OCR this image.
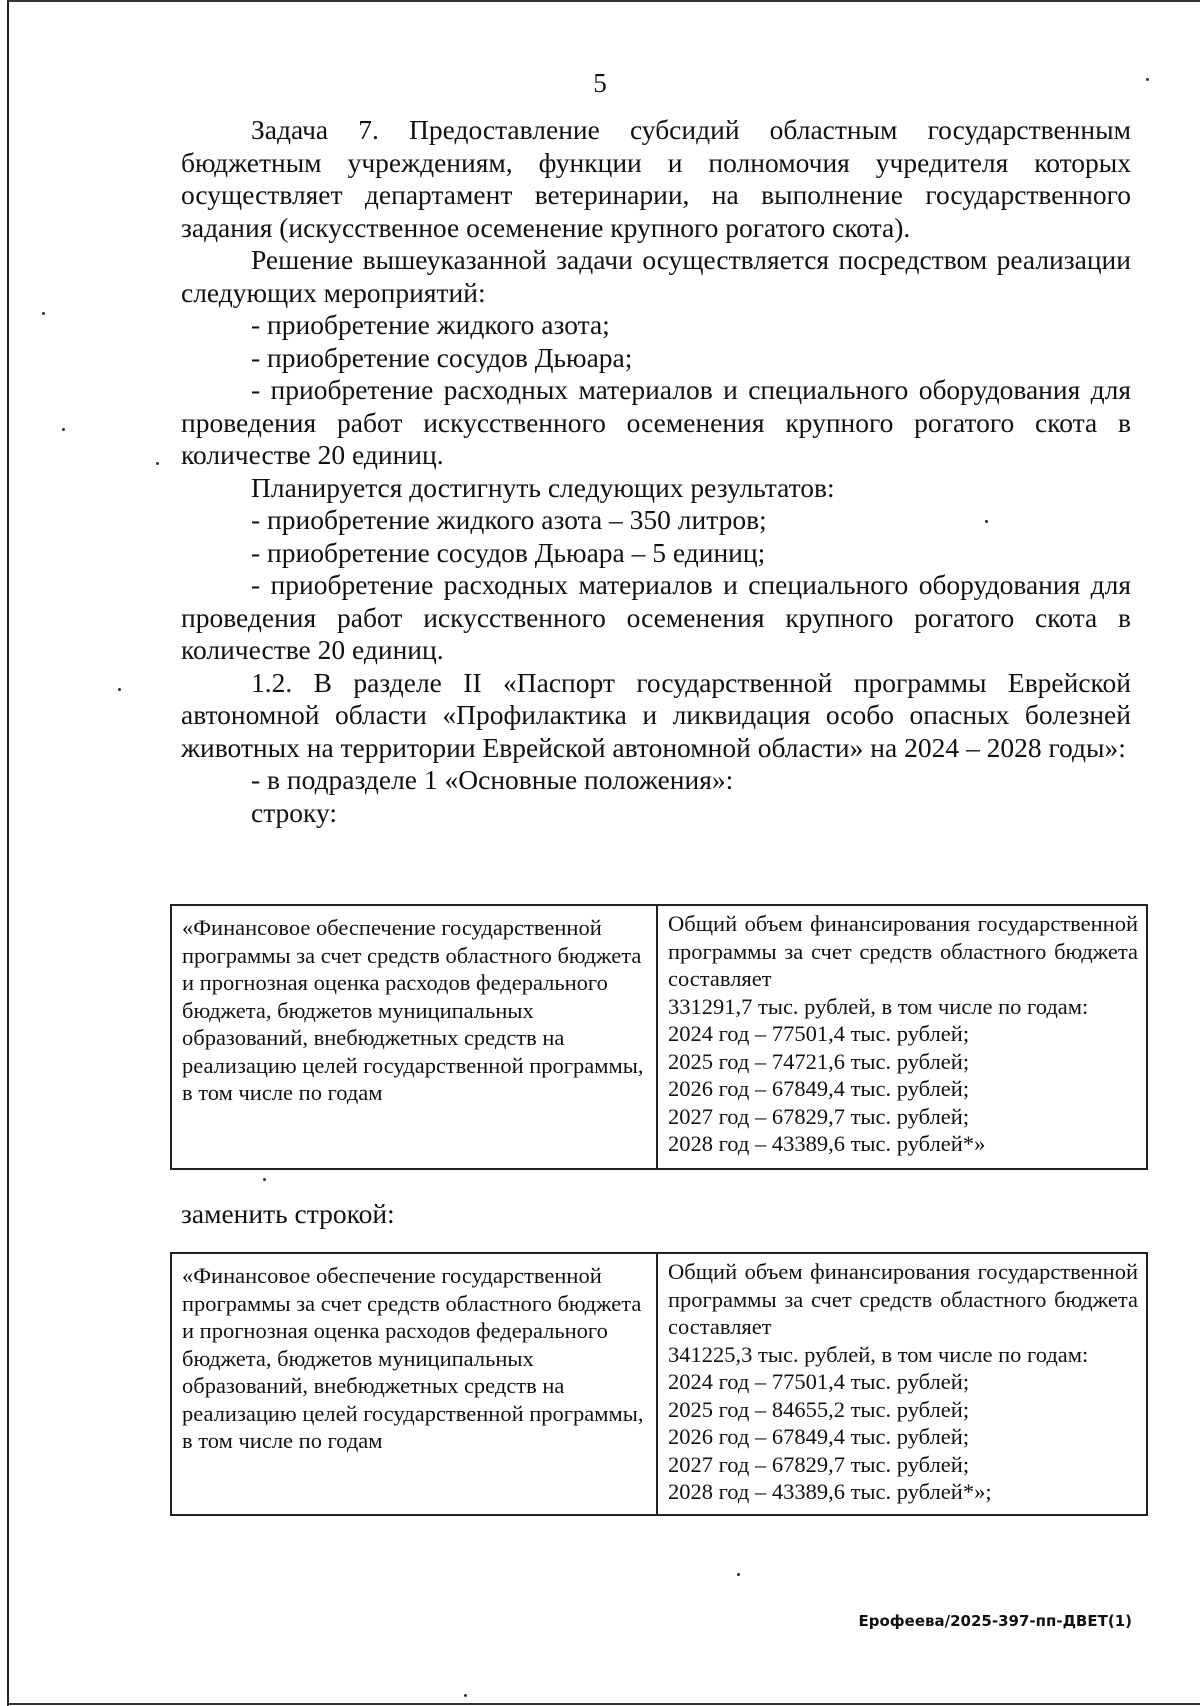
5

Задача 7. Предоставление субсидий областным государственным бюджетным учреждениям, функции и полномочия учредителя которых осуществляет департамент ветеринарии, на выполнение государственного задания (искусственное осеменение крупного рогатого скота).

Решение вышеуказанной задачи осуществляется посредством реализации следующих мероприятий:

- приобретение жидкого азота;

- приобретение сосудов Дьюара;

- приобретение расходных материалов и специального оборудования для проведения работ искусственного осеменения крупного рогатого скота в количестве 20 единиц.

Планируется достигнуть следующих результатов:

- приобретение жидкого азота – 350 литров;

- приобретение сосудов Дьюара – 5 единиц;

- приобретение расходных материалов и специального оборудования для проведения работ искусственного осеменения крупного рогатого скота в количестве 20 единиц.

1.2. В разделе II «Паспорт государственной программы Еврейской автономной области «Профилактика и ликвидация особо опасных болезней животных на территории Еврейской автономной области» на 2024 – 2028 годы»:

- в подразделе 1 «Основные положения»:

строку:

«Финансовое обеспечение государственной программы за счет средств областного бюджета и прогнозная оценка расходов федерального бюджета, бюджетов муниципальных образований, внебюджетных средств на реализацию целей государственной программы, в том числе по годам
Общий объем финансирования государственной программы за счет средств областного бюджета составляет
331291,7 тыс. рублей, в том числе по годам:
2024 год – 77501,4 тыс. рублей;
2025 год – 74721,6 тыс. рублей;
2026 год – 67849,4 тыс. рублей;
2027 год – 67829,7 тыс. рублей;
2028 год – 43389,6 тыс. рублей*»
заменить строкой:
«Финансовое обеспечение государственной программы за счет средств областного бюджета и прогнозная оценка расходов федерального бюджета, бюджетов муниципальных образований, внебюджетных средств на реализацию целей государственной программы, в том числе по годам
Общий объем финансирования государственной программы за счет средств областного бюджета составляет
341225,3 тыс. рублей, в том числе по годам:
2024 год – 77501,4 тыс. рублей;
2025 год – 84655,2 тыс. рублей;
2026 год – 67849,4 тыс. рублей;
2027 год – 67829,7 тыс. рублей;
2028 год – 43389,6 тыс. рублей*»;
Ерофеева/2025-397-пп-ДВЕТ(1)
